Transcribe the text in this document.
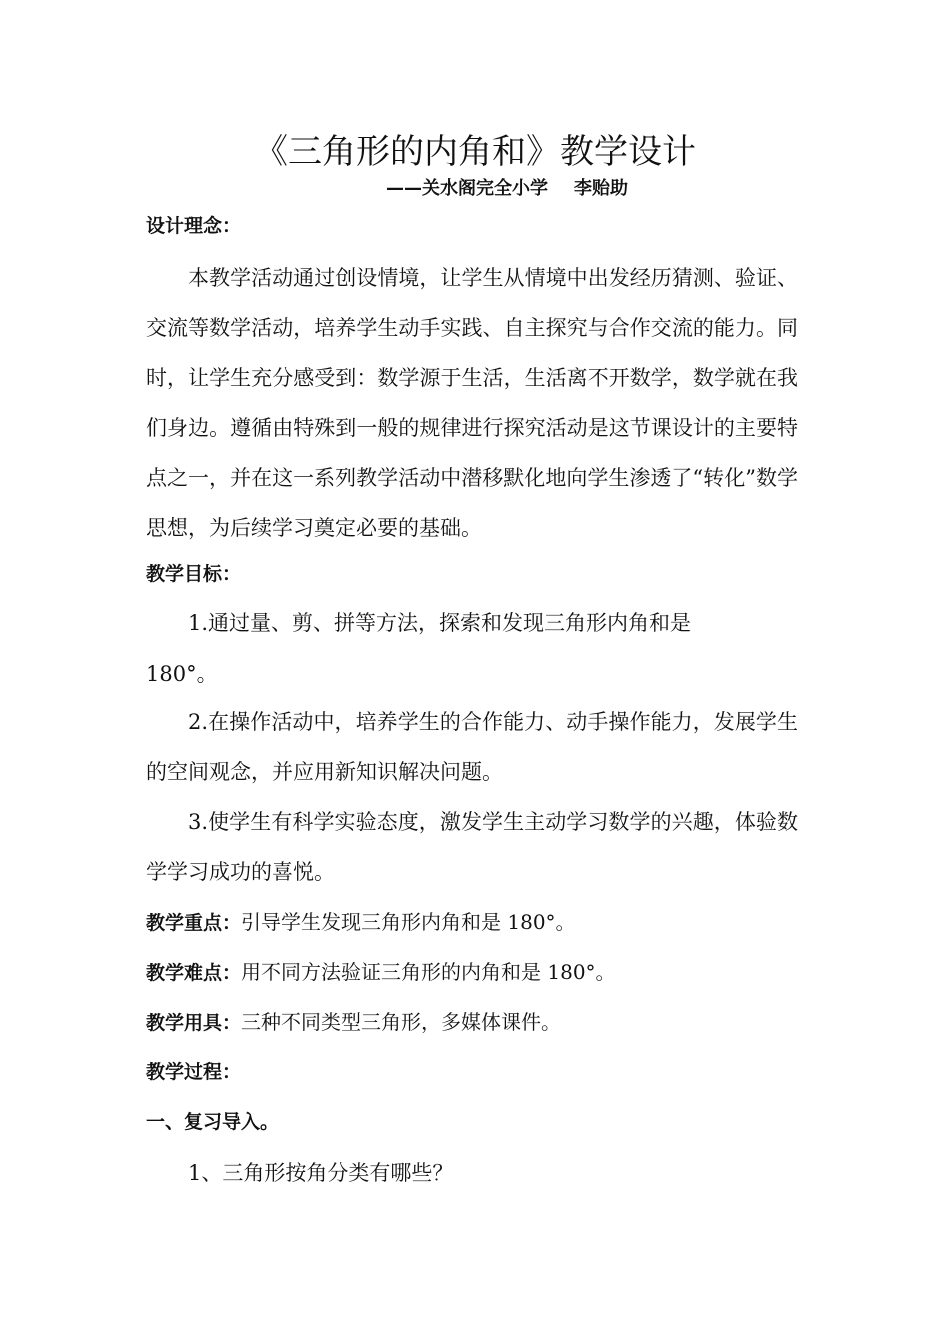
《三角形的内角和》教学设计
——关水阁完全小学 李贻助
设计理念：
本教学活动通过创设情境，让学生从情境中出发经历猜测、验证、交流等数学活动，培养学生动手实践、自主探究与合作交流的能力。同时，让学生充分感受到：数学源于生活，生活离不开数学，数学就在我们身边。遵循由特殊到一般的规律进行探究活动是这节课设计的主要特点之一，并在这一系列教学活动中潜移默化地向学生渗透了“转化”数学思想，为后续学习奠定必要的基础。
教学目标：
1.通过量、剪、拼等方法，探索和发现三角形内角和是
180°。
2.在操作活动中，培养学生的合作能力、动手操作能力，发展学生的空间观念，并应用新知识解决问题。
3.使学生有科学实验态度，激发学生主动学习数学的兴趣，体验数学学习成功的喜悦。
教学重点：引导学生发现三角形内角和是 180°。
教学难点：用不同方法验证三角形的内角和是 180°。
教学用具：三种不同类型三角形，多媒体课件。
教学过程：
一、复习导入。
1、三角形按角分类有哪些？
